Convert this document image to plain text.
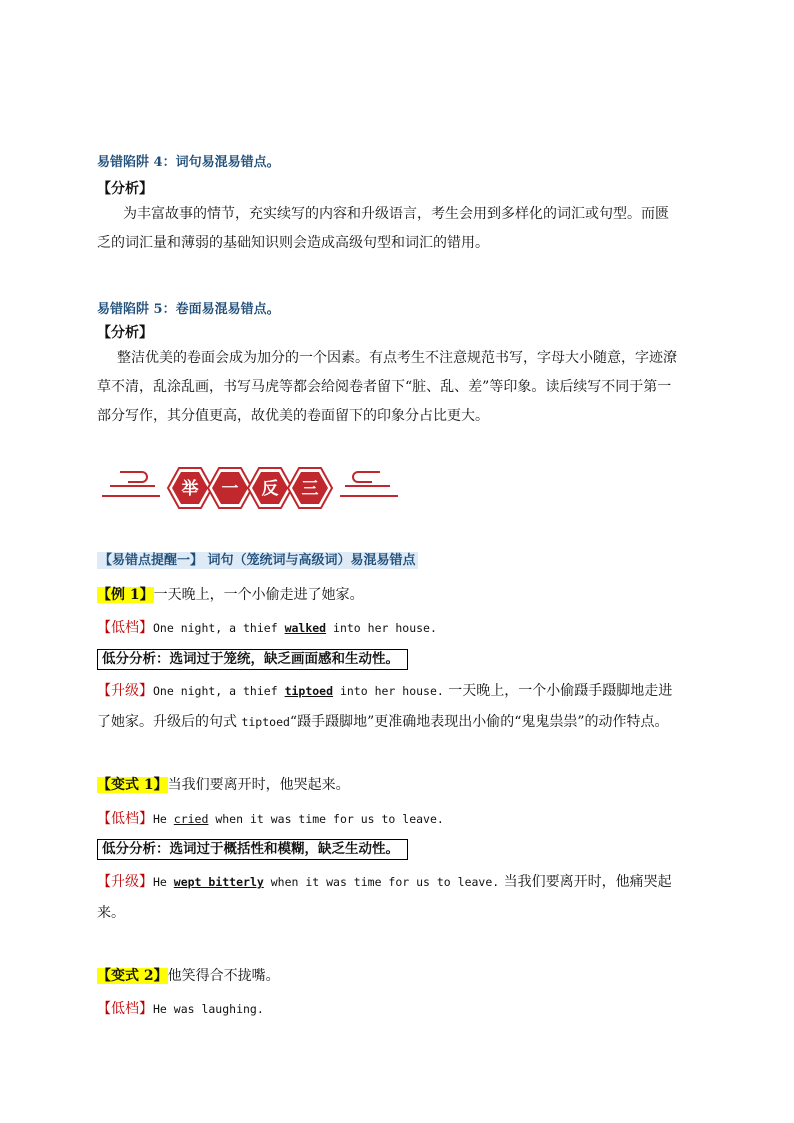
易错陷阱 4：词句易混易错点。
【分析】
为丰富故事的情节，充实续写的内容和升级语言，考生会用到多样化的词汇或句型。而匮乏的词汇量和薄弱的基础知识则会造成高级句型和词汇的错用。
易错陷阱 5：卷面易混易错点。
【分析】
整洁优美的卷面会成为加分的一个因素。有点考生不注意规范书写，字母大小随意，字迹潦草不清，乱涂乱画，书写马虎等都会给阅卷者留下“脏、乱、差”等印象。读后续写不同于第一部分写作，其分值更高，故优美的卷面留下的印象分占比更大。
举 一 反 三
【易错点提醒一】 词句（笼统词与高级词）易混易错点
【例 1】一天晚上，一个小偷走进了她家。
【低档】One night, a thief walked into her house.
低分分析：选词过于笼统，缺乏画面感和生动性。
【升级】One night, a thief tiptoed into her house. 一天晚上，一个小偷蹑手蹑脚地走进
了她家。升级后的句式 tiptoed“蹑手蹑脚地”更准确地表现出小偷的“鬼鬼祟祟”的动作特点。
【变式 1】当我们要离开时，他哭起来。
【低档】He cried when it was time for us to leave.
低分分析：选词过于概括性和模糊，缺乏生动性。
【升级】He wept bitterly when it was time for us to leave. 当我们要离开时，他痛哭起
来。
【变式 2】他笑得合不拢嘴。
【低档】He was laughing.
